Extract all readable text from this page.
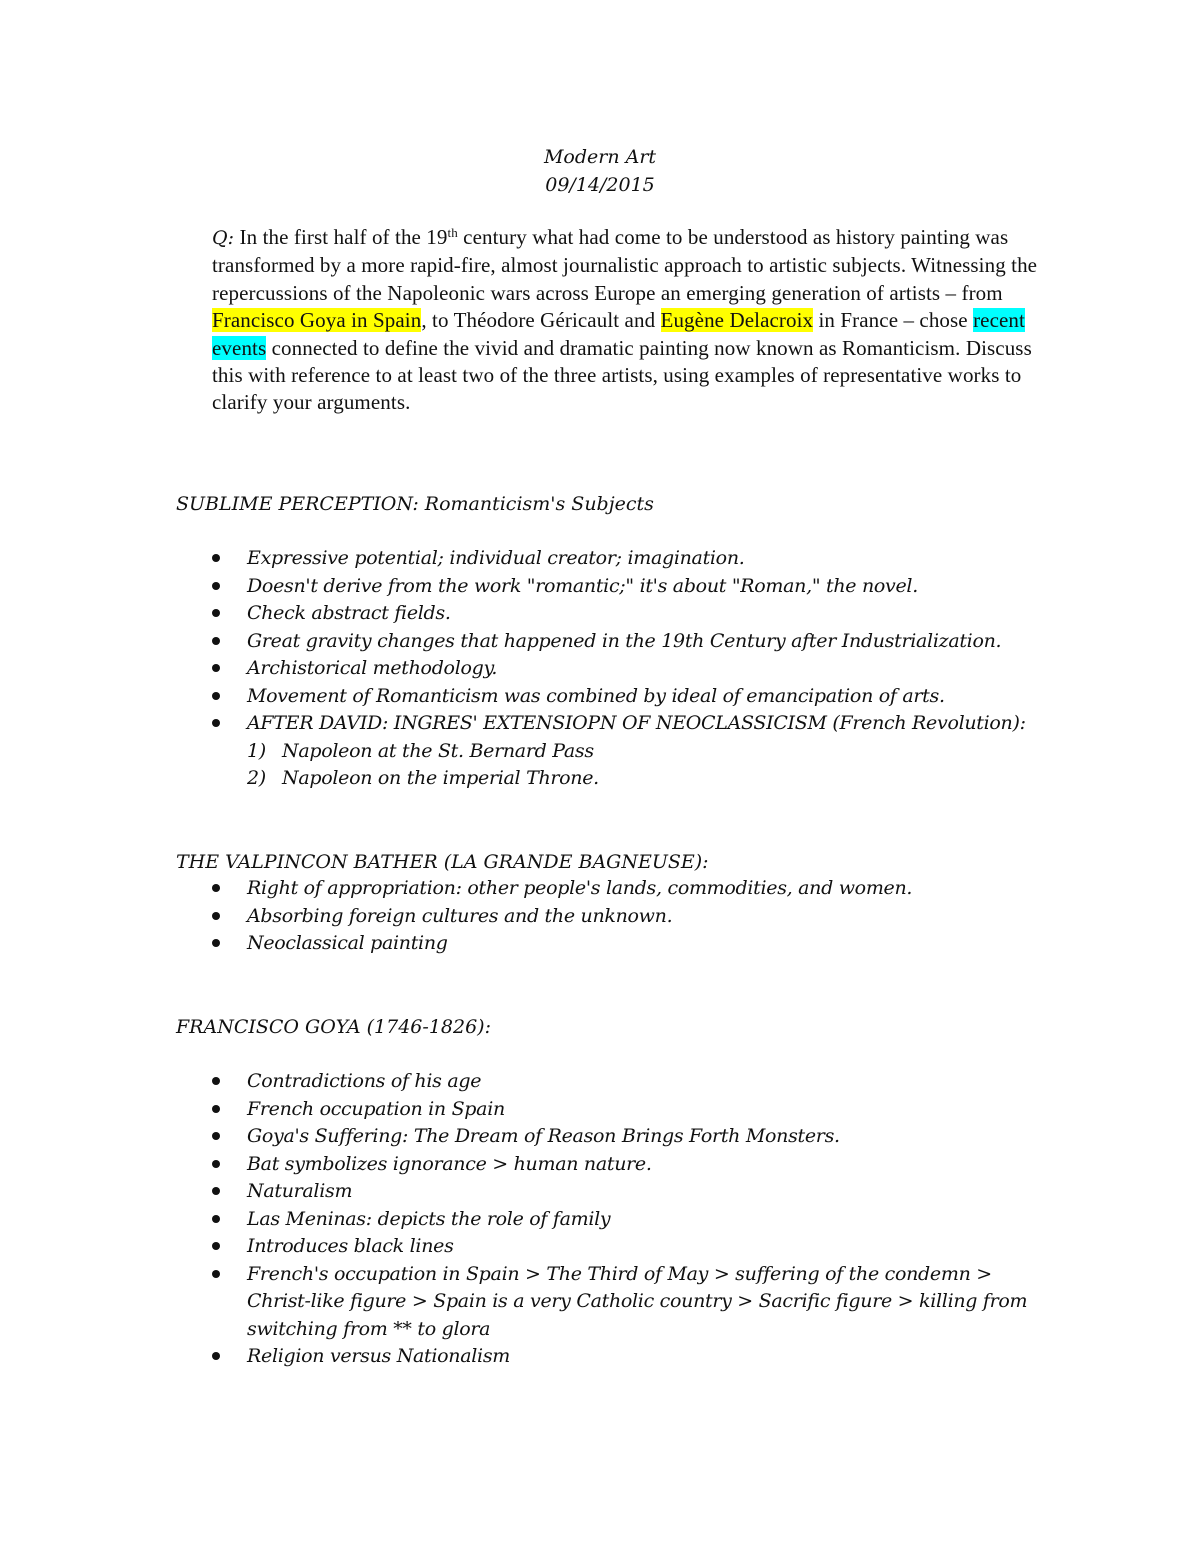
Modern Art
09/14/2015
Q: In the first half of the 19th century what had come to be understood as history painting was transformed by a more rapid-fire, almost journalistic approach to artistic subjects. Witnessing the repercussions of the Napoleonic wars across Europe an emerging generation of artists – from Francisco Goya in Spain, to Théodore Géricault and Eugène Delacroix in France – chose recent events connected to define the vivid and dramatic painting now known as Romanticism. Discuss this with reference to at least two of the three artists, using examples of representative works to clarify your arguments.
SUBLIME PERCEPTION: Romanticism's Subjects
Expressive potential; individual creator; imagination.
Doesn't derive from the work "romantic;" it's about "Roman," the novel.
Check abstract fields.
Great gravity changes that happened in the 19th Century after Industrialization.
Archistorical methodology.
Movement of Romanticism was combined by ideal of emancipation of arts.
AFTER DAVID: INGRES' EXTENSIOPN OF NEOCLASSICISM (French Revolution):
1) Napoleon at the St. Bernard Pass
2) Napoleon on the imperial Throne.
THE VALPINCON BATHER (LA GRANDE BAGNEUSE):
Right of appropriation: other people's lands, commodities, and women.
Absorbing foreign cultures and the unknown.
Neoclassical painting
FRANCISCO GOYA (1746-1826):
Contradictions of his age
French occupation in Spain
Goya's Suffering: The Dream of Reason Brings Forth Monsters.
Bat symbolizes ignorance > human nature.
Naturalism
Las Meninas: depicts the role of family
Introduces black lines
French's occupation in Spain > The Third of May > suffering of the condemn > Christ-like figure > Spain is a very Catholic country > Sacrific figure > killing from switching from ** to glora
Religion versus Nationalism
